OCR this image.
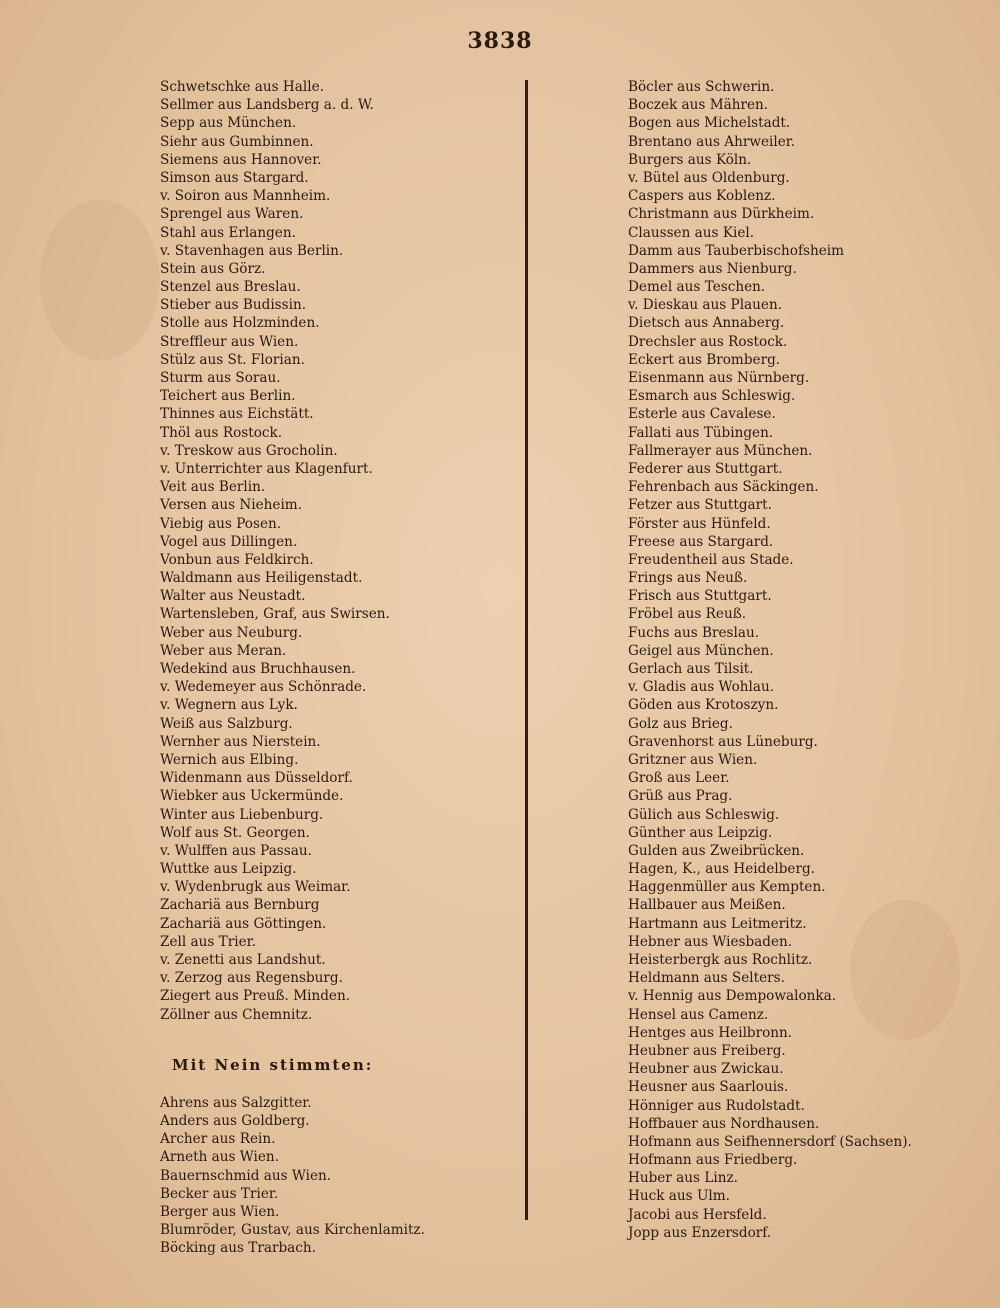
3838
Schwetschke aus Halle.
Sellmer aus Landsberg a. d. W.
Sepp aus München.
Siehr aus Gumbinnen.
Siemens aus Hannover.
Simson aus Stargard.
v. Soiron aus Mannheim.
Sprengel aus Waren.
Stahl aus Erlangen.
v. Stavenhagen aus Berlin.
Stein aus Görz.
Stenzel aus Breslau.
Stieber aus Budissin.
Stolle aus Holzminden.
Streffleur aus Wien.
Stülz aus St. Florian.
Sturm aus Sorau.
Teichert aus Berlin.
Thinnes aus Eichstätt.
Thöl aus Rostock.
v. Treskow aus Grocholin.
v. Unterrichter aus Klagenfurt.
Veit aus Berlin.
Versen aus Nieheim.
Viebig aus Posen.
Vogel aus Dillingen.
Vonbun aus Feldkirch.
Waldmann aus Heiligenstadt.
Walter aus Neustadt.
Wartensleben, Graf, aus Swirsen.
Weber aus Neuburg.
Weber aus Meran.
Wedekind aus Bruchhausen.
v. Wedemeyer aus Schönrade.
v. Wegnern aus Lyk.
Weiß aus Salzburg.
Wernher aus Nierstein.
Wernich aus Elbing.
Widenmann aus Düsseldorf.
Wiebker aus Uckermünde.
Winter aus Liebenburg.
Wolf aus St. Georgen.
v. Wulffen aus Passau.
Wuttke aus Leipzig.
v. Wydenbrugk aus Weimar.
Zachariä aus Bernburg
Zachariä aus Göttingen.
Zell aus Trier.
v. Zenetti aus Landshut.
v. Zerzog aus Regensburg.
Ziegert aus Preuß. Minden.
Zöllner aus Chemnitz.
Mit Nein stimmten:
Ahrens aus Salzgitter.
Anders aus Goldberg.
Archer aus Rein.
Arneth aus Wien.
Bauernschmid aus Wien.
Becker aus Trier.
Berger aus Wien.
Blumröder, Gustav, aus Kirchenlamitz.
Böcking aus Trarbach.
Böcler aus Schwerin.
Boczek aus Mähren.
Bogen aus Michelstadt.
Brentano aus Ahrweiler.
Burgers aus Köln.
v. Bütel aus Oldenburg.
Caspers aus Koblenz.
Christmann aus Dürkheim.
Claussen aus Kiel.
Damm aus Tauberbischofsheim
Dammers aus Nienburg.
Demel aus Teschen.
v. Dieskau aus Plauen.
Dietsch aus Annaberg.
Drechsler aus Rostock.
Eckert aus Bromberg.
Eisenmann aus Nürnberg.
Esmarch aus Schleswig.
Esterle aus Cavalese.
Fallati aus Tübingen.
Fallmerayer aus München.
Federer aus Stuttgart.
Fehrenbach aus Säckingen.
Fetzer aus Stuttgart.
Förster aus Hünfeld.
Freese aus Stargard.
Freudentheil aus Stade.
Frings aus Neuß.
Frisch aus Stuttgart.
Fröbel aus Reuß.
Fuchs aus Breslau.
Geigel aus München.
Gerlach aus Tilsit.
v. Gladis aus Wohlau.
Göden aus Krotoszyn.
Golz aus Brieg.
Gravenhorst aus Lüneburg.
Gritzner aus Wien.
Groß aus Leer.
Grüß aus Prag.
Gülich aus Schleswig.
Günther aus Leipzig.
Gulden aus Zweibrücken.
Hagen, K., aus Heidelberg.
Haggenmüller aus Kempten.
Hallbauer aus Meißen.
Hartmann aus Leitmeritz.
Hebner aus Wiesbaden.
Heisterbergk aus Rochlitz.
Heldmann aus Selters.
v. Hennig aus Dempowalonka.
Hensel aus Camenz.
Hentges aus Heilbronn.
Heubner aus Freiberg.
Heubner aus Zwickau.
Heusner aus Saarlouis.
Hönniger aus Rudolstadt.
Hoffbauer aus Nordhausen.
Hofmann aus Seifhennersdorf (Sachsen).
Hofmann aus Friedberg.
Huber aus Linz.
Huck aus Ulm.
Jacobi aus Hersfeld.
Jopp aus Enzersdorf.
